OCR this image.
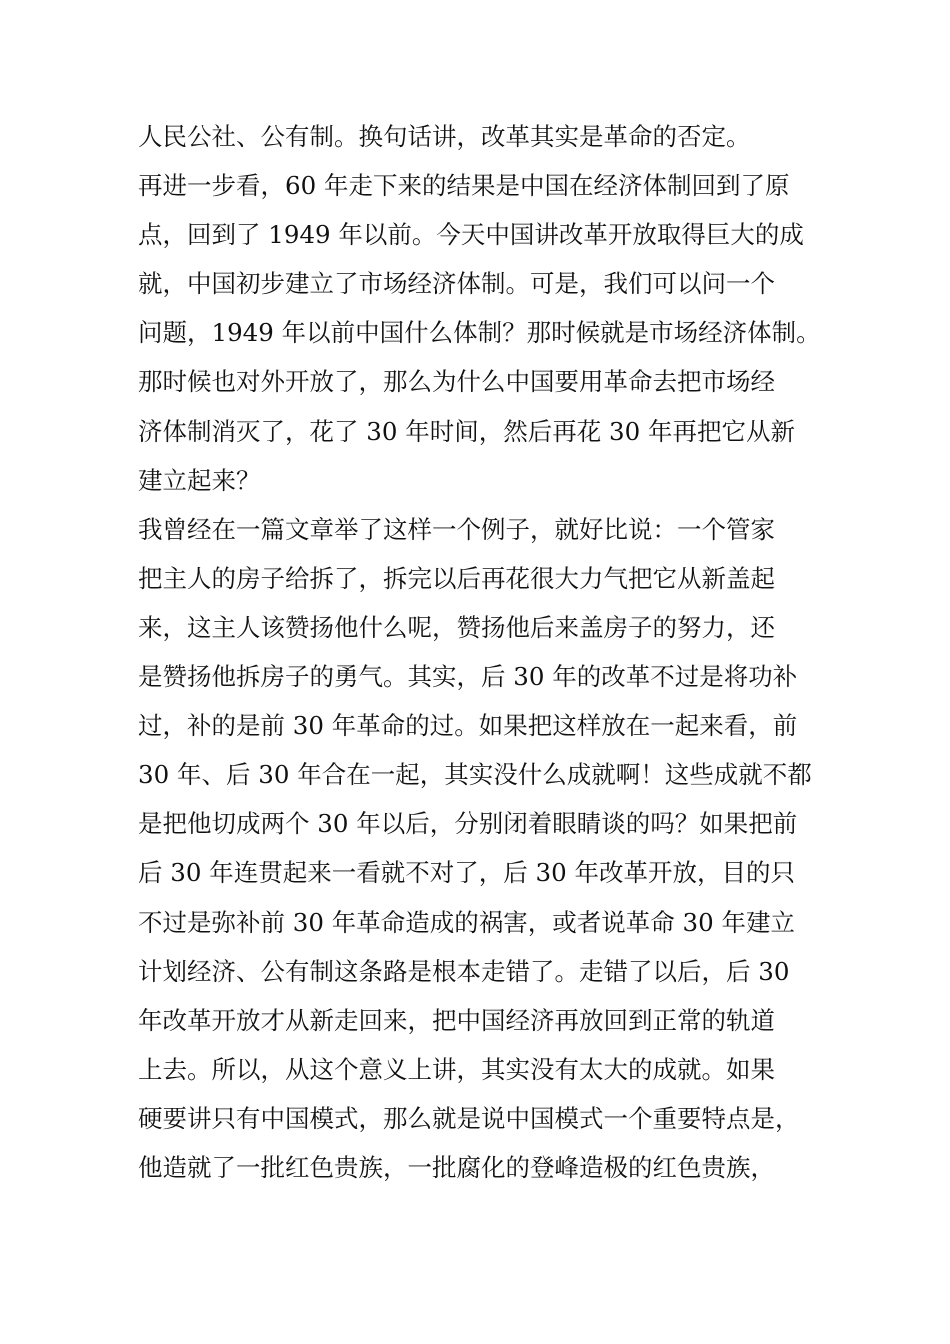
人民公社、公有制。换句话讲，改革其实是革命的否定。
再进一步看，60 年走下来的结果是中国在经济体制回到了原
点，回到了 1949 年以前。今天中国讲改革开放取得巨大的成
就，中国初步建立了市场经济体制。可是，我们可以问一个
问题，1949 年以前中国什么体制？那时候就是市场经济体制。
那时候也对外开放了，那么为什么中国要用革命去把市场经
济体制消灭了，花了 30 年时间，然后再花 30 年再把它从新
建立起来？
我曾经在一篇文章举了这样一个例子，就好比说：一个管家
把主人的房子给拆了，拆完以后再花很大力气把它从新盖起
来，这主人该赞扬他什么呢，赞扬他后来盖房子的努力，还
是赞扬他拆房子的勇气。其实，后 30 年的改革不过是将功补
过，补的是前 30 年革命的过。如果把这样放在一起来看，前
30 年、后 30 年合在一起，其实没什么成就啊！这些成就不都
是把他切成两个 30 年以后，分别闭着眼睛谈的吗？如果把前
后 30 年连贯起来一看就不对了，后 30 年改革开放，目的只
不过是弥补前 30 年革命造成的祸害，或者说革命 30 年建立
计划经济、公有制这条路是根本走错了。走错了以后，后 30
年改革开放才从新走回来，把中国经济再放回到正常的轨道
上去。所以，从这个意义上讲，其实没有太大的成就。如果
硬要讲只有中国模式，那么就是说中国模式一个重要特点是，
他造就了一批红色贵族，一批腐化的登峰造极的红色贵族，
